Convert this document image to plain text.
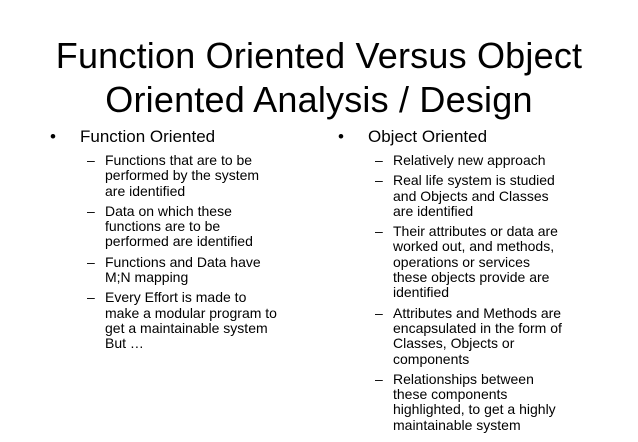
Function Oriented Versus Object
Oriented Analysis / Design
• Function Oriented
– Functions that are to be
performed by the system
are identified
– Data on which these
functions are to be
performed are identified
– Functions and Data have
M;N mapping
– Every Effort is made to
make a modular program to
get a maintainable system
But …
• Object Oriented
– Relatively new approach
– Real life system is studied
and Objects and Classes
are identified
– Their attributes or data are
worked out, and methods,
operations or services
these objects provide are
identified
– Attributes and Methods are
encapsulated in the form of
Classes, Objects or
components
– Relationships between
these components
highlighted, to get a highly
maintainable system
